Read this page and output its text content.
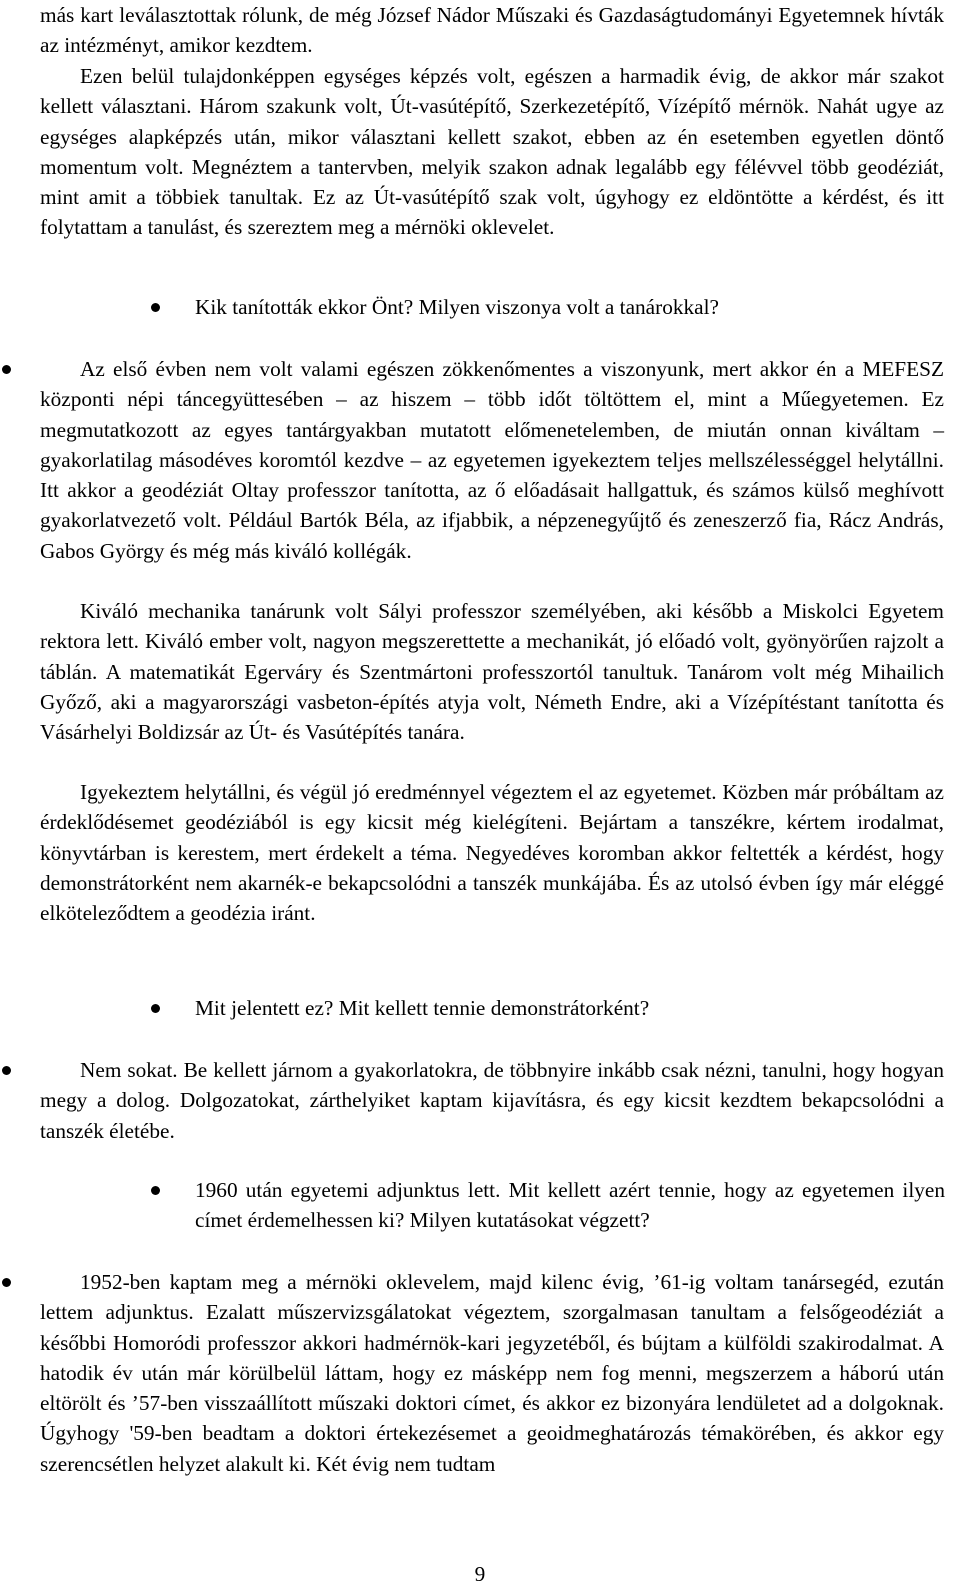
más kart leválasztottak rólunk, de még József Nádor Műszaki és Gazdaságtudományi Egyetemnek hívták az intézményt, amikor kezdtem.

Ezen belül tulajdonképpen egységes képzés volt, egészen a harmadik évig, de akkor már szakot kellett választani. Három szakunk volt, Út-vasútépítő, Szerkezetépítő, Vízépítő mérnök. Nahát ugye az egységes alapképzés után, mikor választani kellett szakot, ebben az én esetemben egyetlen döntő momentum volt. Megnéztem a tantervben, melyik szakon adnak legalább egy félévvel több geodéziát, mint amit a többiek tanultak. Ez az Út-vasútépítő szak volt, úgyhogy ez eldöntötte a kérdést, és itt folytattam a tanulást, és szereztem meg a mérnöki oklevelet.

Kik tanították ekkor Önt? Milyen viszonya volt a tanárokkal?

Az első évben nem volt valami egészen zökkenőmentes a viszonyunk, mert akkor én a MEFESZ központi népi táncegyüttesében – az hiszem – több időt töltöttem el, mint a Műegyetemen. Ez megmutatkozott az egyes tantárgyakban mutatott előmenetelemben, de miután onnan kiváltam – gyakorlatilag másodéves koromtól kezdve – az egyetemen igyekeztem teljes mellszélességgel helytállni. Itt akkor a geodéziát Oltay professzor tanította, az ő előadásait hallgattuk, és számos külső meghívott gyakorlatvezető volt. Például Bartók Béla, az ifjabbik, a népzenegyűjtő és zeneszerző fia, Rácz András, Gabos György és még más kiváló kollégák.

Kiváló mechanika tanárunk volt Sályi professzor személyében, aki később a Miskolci Egyetem rektora lett. Kiváló ember volt, nagyon megszerettette a mechanikát, jó előadó volt, gyönyörűen rajzolt a táblán. A matematikát Egerváry és Szentmártoni professzortól tanultuk. Tanárom volt még Mihailich Győző, aki a magyarországi vasbeton-építés atyja volt, Németh Endre, aki a Vízépítéstant tanította és Vásárhelyi Boldizsár az Út- és Vasútépítés tanára.

Igyekeztem helytállni, és végül jó eredménnyel végeztem el az egyetemet. Közben már próbáltam az érdeklődésemet geodéziából is egy kicsit még kielégíteni. Bejártam a tanszékre, kértem irodalmat, könyvtárban is kerestem, mert érdekelt a téma. Negyedéves koromban akkor feltették a kérdést, hogy demonstrátorként nem akarnék-e bekapcsolódni a tanszék munkájába. És az utolsó évben így már eléggé elköteleződtem a geodézia iránt.

Mit jelentett ez? Mit kellett tennie demonstrátorként?

Nem sokat. Be kellett járnom a gyakorlatokra, de többnyire inkább csak nézni, tanulni, hogy hogyan megy a dolog. Dolgozatokat, zárthelyiket kaptam kijavításra, és egy kicsit kezdtem bekapcsolódni a tanszék életébe.

1960 után egyetemi adjunktus lett. Mit kellett azért tennie, hogy az egyetemen ilyen címet érdemelhessen ki? Milyen kutatásokat végzett?

1952-ben kaptam meg a mérnöki oklevelem, majd kilenc évig, ’61-ig voltam tanársegéd, ezután lettem adjunktus. Ezalatt műszervizsgálatokat végeztem, szorgalmasan tanultam a felsőgeodéziát a későbbi Homoródi professzor akkori hadmérnök-kari jegyzetéből, és bújtam a külföldi szakirodalmat. A hatodik év után már körülbelül láttam, hogy ez másképp nem fog menni, megszerzem a háború után eltörölt és ’57-ben visszaállított műszaki doktori címet, és akkor ez bizonyára lendületet ad a dolgoknak. Úgyhogy '59-ben beadtam a doktori értekezésemet a geoidmeghatározás témakörében, és akkor egy szerencsétlen helyzet alakult ki. Két évig nem tudtam

9
